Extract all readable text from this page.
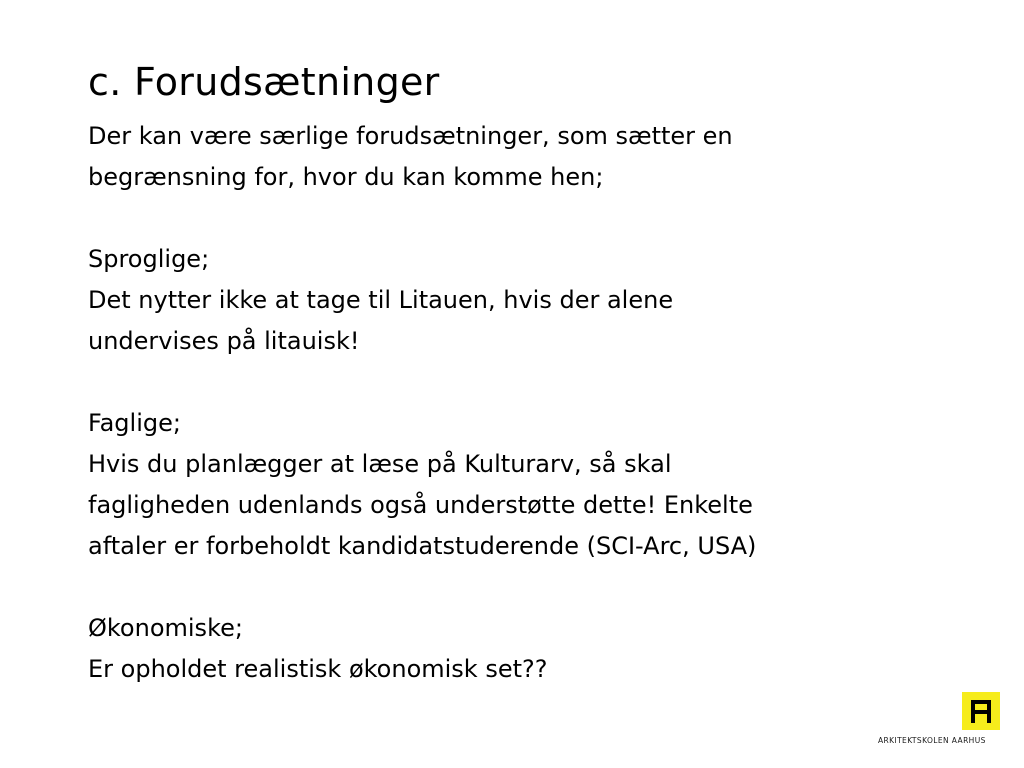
c. Forudsætninger
Der kan være særlige forudsætninger, som sætter en
begrænsning for, hvor du kan komme hen;
Sproglige;
Det nytter ikke at tage til Litauen, hvis der alene
undervises på litauisk!
Faglige;
Hvis du planlægger at læse på Kulturarv, så skal
fagligheden udenlands også understøtte dette! Enkelte
aftaler er forbeholdt kandidatstuderende (SCI-Arc, USA)
Økonomiske;
Er opholdet realistisk økonomisk set??
ARKITEKTSKOLEN AARHUS
